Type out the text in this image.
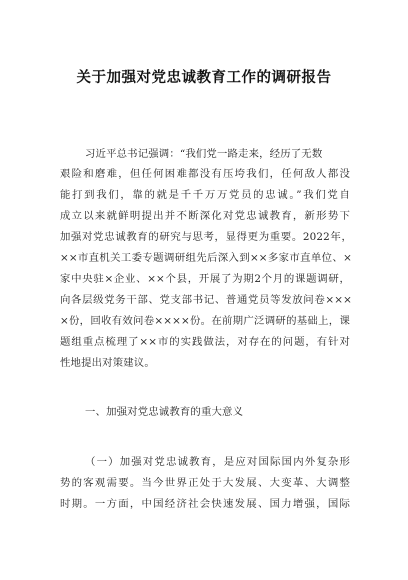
关于加强对党忠诚教育工作的调研报告
习近平总书记强调：“我们党一路走来，经历了无数
艰险和磨难，但任何困难都没有压垮我们，任何敌人都没
能打到我们，靠的就是千千万万党员的忠诚。”我们党自
成立以来就鲜明提出并不断深化对党忠诚教育，新形势下
加强对党忠诚教育的研究与思考，显得更为重要。2022年，
××市直机关工委专题调研组先后深入到××多家市直单位、×
家中央驻×企业、××个县，开展了为期2个月的课题调研，
向各层级党务干部、党支部书记、普通党员等发放问卷×××
×份，回收有效问卷××××份。在前期广泛调研的基础上，课
题组重点梳理了××市的实践做法，对存在的问题，有针对
性地提出对策建议。
一、加强对党忠诚教育的重大意义
（一）加强对党忠诚教育，是应对国际国内外复杂形
势的客观需要。当今世界正处于大发展、大变革、大调整
时期。一方面，中国经济社会快速发展、国力增强，国际
